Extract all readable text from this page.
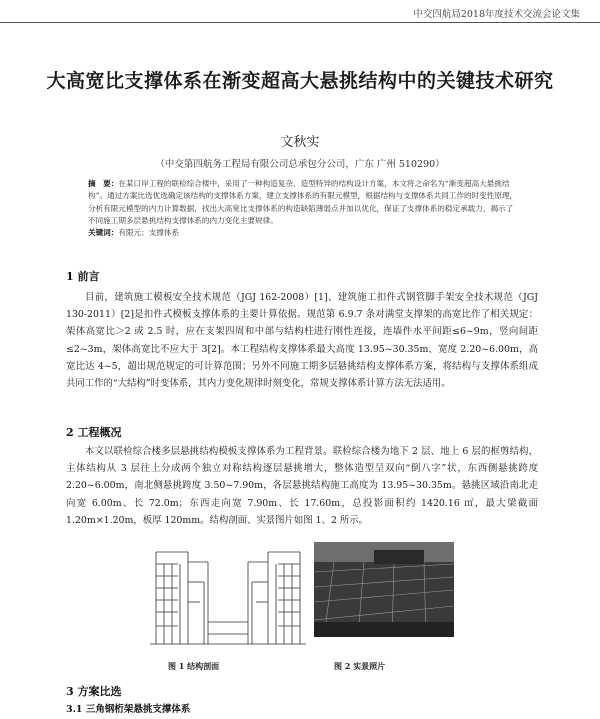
中交四航局2018年度技术交流会论文集
大高宽比支撑体系在渐变超高大悬挑结构中的关键技术研究
文秋实
（中交第四航务工程局有限公司总承包分公司，广东 广州 510290）
摘　要：在某口岸工程的联检综合楼中，采用了一种构造复杂、造型特异的结构设计方案，本文将之命名为“渐变超高大悬挑结构”。通过方案比选优选确定该结构的支撑体系方案，建立支撑体系的有限元模型，根据结构与支撑体系共同工作的时变性原理，分析有限元模型的内力计算数据，找出大高宽比支撑体系的构造缺陷薄弱点并加以优化，保证了支撑体系的稳定承载力，揭示了不同施工期多层悬挑结构支撑体系的内力变化主要规律。
关键词：有限元；支撑体系
1 前言
目前，建筑施工模板安全技术规范（JGJ 162-2008）[1]、建筑施工扣件式钢管脚手架安全技术规范（JGJ 130-2011）[2]是扣件式模板支撑体系的主要计算依据。规范第 6.9.7 条对满堂支撑架的高宽比作了相关规定：架体高宽比＞2 或 2.5 时，应在支架四周和中部与结构柱进行刚性连接，连墙件水平间距≤6~9m，竖向间距≤2~3m，架体高宽比不应大于 3[2]。本工程结构支撑体系最大高度 13.95~30.35m、宽度 2.20~6.00m，高宽比达 4~5，超出规范规定的可计算范围；另外不同施工期多层悬挑结构支撑体系方案，将结构与支撑体系组成共同工作的“大结构”时变体系，其内力变化规律时刻变化，常规支撑体系计算方法无法适用。
2 工程概况
本文以联检综合楼多层悬挑结构模板支撑体系为工程背景。联检综合楼为地下 2 层、地上 6 层的框剪结构，主体结构从 3 层往上分成两个独立对称结构逐层悬挑增大，整体造型呈双向“倒八字”状，东西侧悬挑跨度 2.20~6.00m，南北侧悬挑跨度 3.50~7.90m，各层悬挑结构施工高度为 13.95~30.35m。悬挑区域沿南北走向宽 6.00m、长 72.0m；东西走向宽 7.90m、长 17.60m，总投影面积约 1420.16 ㎡，最大梁截面 1.20m×1.20m，板厚 120mm。结构剖面、实景图片如图 1、2 所示。
图 1 结构剖面	图 2 实景照片
3 方案比选
3.1 三角钢桁架悬挑支撑体系
